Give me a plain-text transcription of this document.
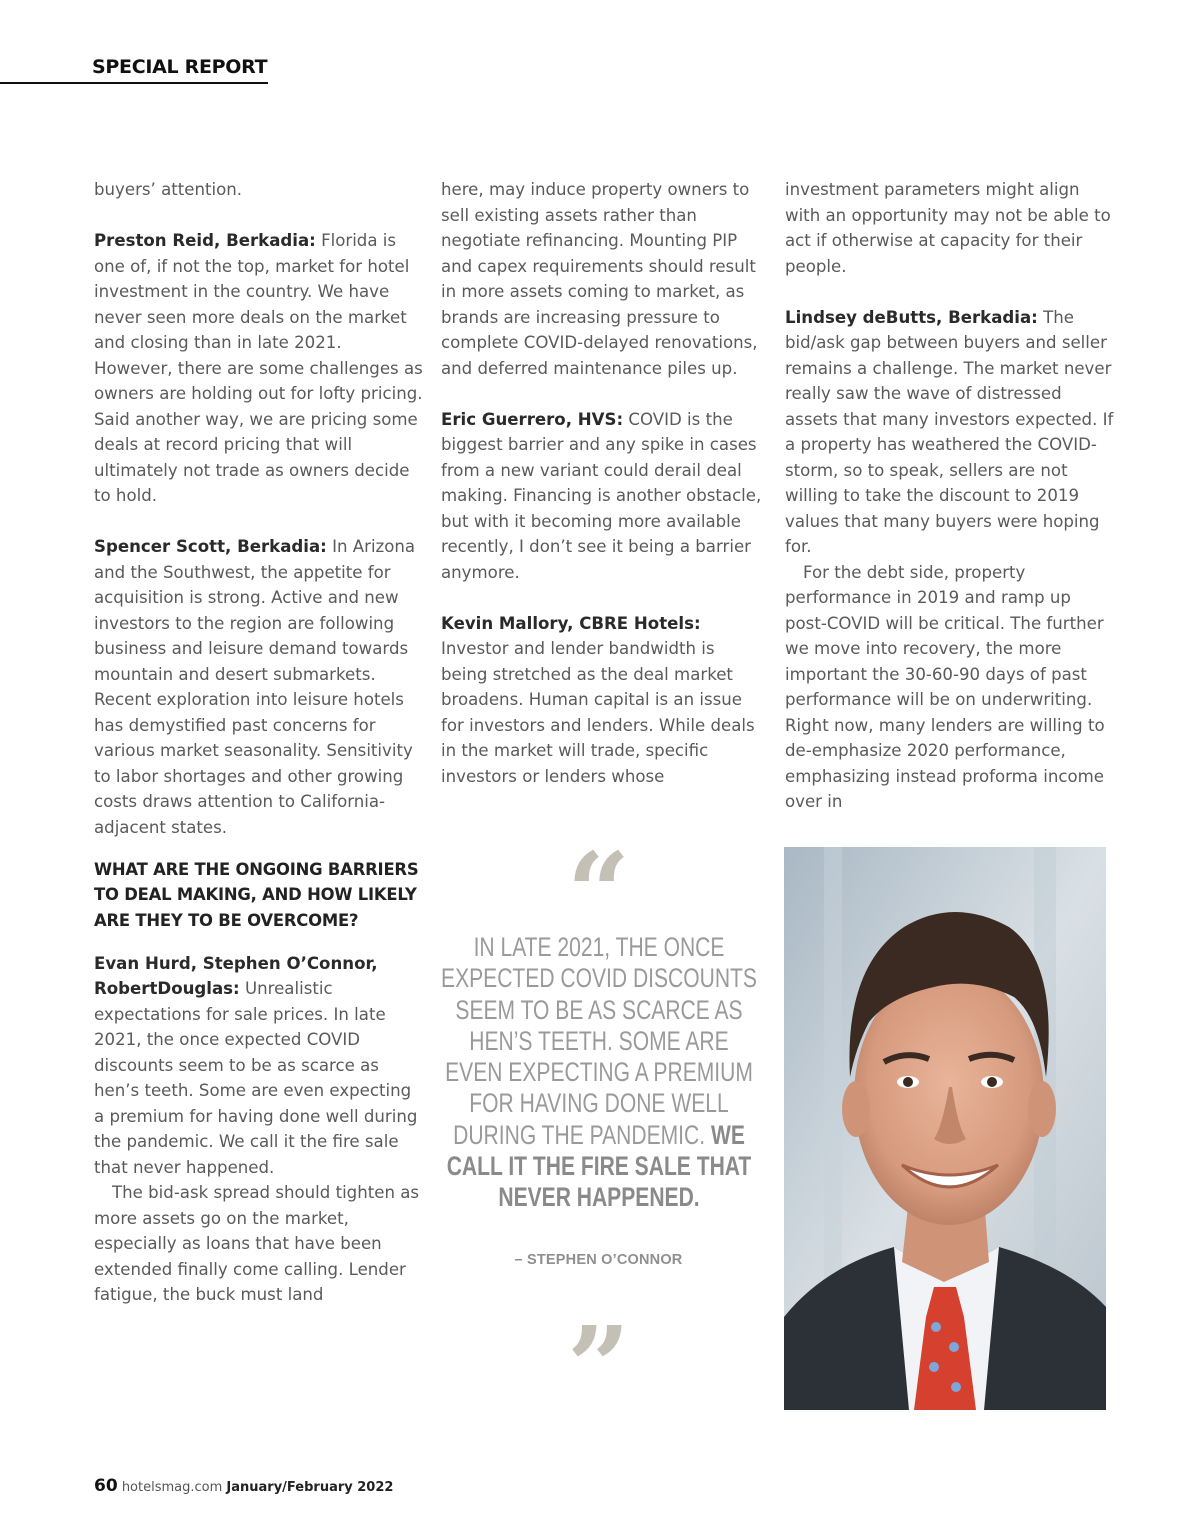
SPECIAL REPORT

buyers’ attention.

Preston Reid, Berkadia: Florida is one of, if not the top, market for hotel investment in the country. We have never seen more deals on the market and closing than in late 2021. However, there are some challenges as owners are holding out for lofty pricing. Said another way, we are pricing some deals at record pricing that will ultimately not trade as owners decide to hold.

Spencer Scott, Berkadia: In Arizona and the Southwest, the appetite for acquisition is strong. Active and new investors to the region are following business and leisure demand towards mountain and desert submarkets. Recent exploration into leisure hotels has demystified past concerns for various market seasonality. Sensitivity to labor shortages and other growing costs draws attention to California-adjacent states.

WHAT ARE THE ONGOING BARRIERS TO DEAL MAKING, AND HOW LIKELY ARE THEY TO BE OVERCOME?

Evan Hurd, Stephen O’Connor, RobertDouglas: Unrealistic expectations for sale prices. In late 2021, the once expected COVID discounts seem to be as scarce as hen’s teeth. Some are even expecting a premium for having done well during the pandemic. We call it the fire sale that never happened.

The bid-ask spread should tighten as more assets go on the market, especially as loans that have been extended finally come calling. Lender fatigue, the buck must land

here, may induce property owners to sell existing assets rather than negotiate refinancing. Mounting PIP and capex requirements should result in more assets coming to market, as brands are increasing pressure to complete COVID-delayed renovations, and deferred maintenance piles up.

Eric Guerrero, HVS: COVID is the biggest barrier and any spike in cases from a new variant could derail deal making. Financing is another obstacle, but with it becoming more available recently, I don’t see it being a barrier anymore.

Kevin Mallory, CBRE Hotels: Investor and lender bandwidth is being stretched as the deal market broadens. Human capital is an issue for investors and lenders. While deals in the market will trade, specific investors or lenders whose

investment parameters might align with an opportunity may not be able to act if otherwise at capacity for their people.

Lindsey deButts, Berkadia: The bid/ask gap between buyers and seller remains a challenge. The market never really saw the wave of distressed assets that many investors expected. If a property has weathered the COVID-storm, so to speak, sellers are not willing to take the discount to 2019 values that many buyers were hoping for.

For the debt side, property performance in 2019 and ramp up post-COVID will be critical. The further we move into recovery, the more important the 30-60-90 days of past performance will be on underwriting. Right now, many lenders are willing to de-emphasize 2020 performance, emphasizing instead proforma income over in

“
IN LATE 2021, THE ONCE EXPECTED COVID DISCOUNTS SEEM TO BE AS SCARCE AS HEN’S TEETH. SOME ARE EVEN EXPECTING A PREMIUM FOR HAVING DONE WELL DURING THE PANDEMIC. WE CALL IT THE FIRE SALE THAT NEVER HAPPENED.
– STEPHEN O’CONNOR
”
60 hotelsmag.com January/February 2022
